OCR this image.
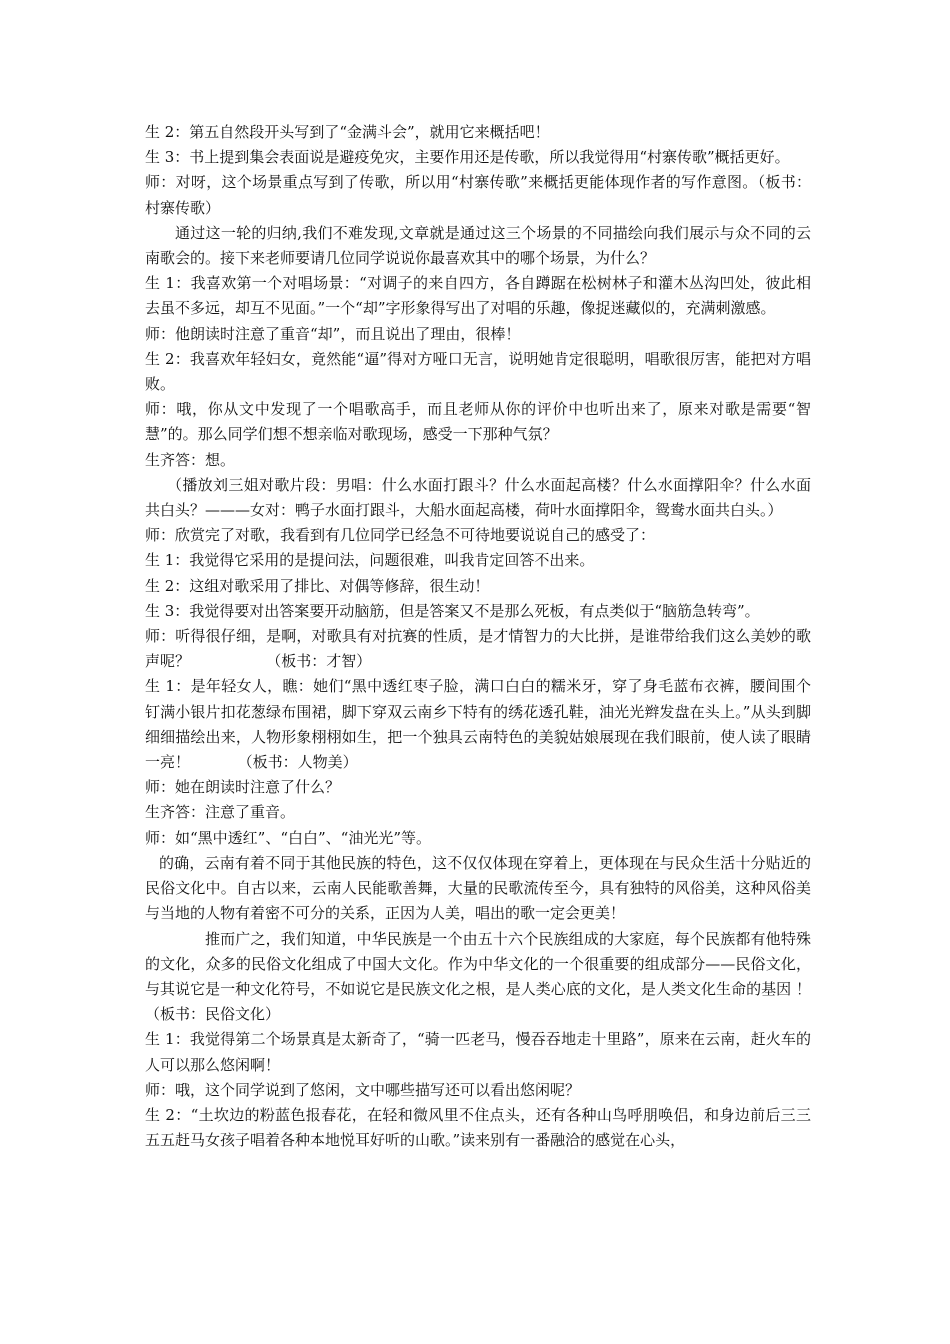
生 2：第五自然段开头写到了“金满斗会”，就用它来概括吧！

生 3：书上提到集会表面说是避疫免灾，主要作用还是传歌，所以我觉得用“村寨传歌”概括更好。

师：对呀，这个场景重点写到了传歌，所以用“村寨传歌”来概括更能体现作者的写作意图。（板书：村寨传歌）

通过这一轮的归纳,我们不难发现,文章就是通过这三个场景的不同描绘向我们展示与众不同的云南歌会的。接下来老师要请几位同学说说你最喜欢其中的哪个场景，为什么？

生 1：我喜欢第一个对唱场景：“对调子的来自四方，各自蹲踞在松树林子和灌木丛沟凹处，彼此相去虽不多远，却互不见面。”一个“却”字形象得写出了对唱的乐趣，像捉迷藏似的，充满刺激感。

师：他朗读时注意了重音“却”，而且说出了理由，很棒！

生 2：我喜欢年轻妇女，竟然能“逼”得对方哑口无言，说明她肯定很聪明，唱歌很厉害，能把对方唱败。

师：哦，你从文中发现了一个唱歌高手，而且老师从你的评价中也听出来了，原来对歌是需要“智慧”的。那么同学们想不想亲临对歌现场，感受一下那种气氛？

生齐答：想。

（播放刘三姐对歌片段：男唱：什么水面打跟斗？什么水面起高楼？什么水面撑阳伞？什么水面共白头？———女对：鸭子水面打跟斗，大船水面起高楼，荷叶水面撑阳伞，鸳鸯水面共白头。）

师：欣赏完了对歌，我看到有几位同学已经急不可待地要说说自己的感受了：

生 1：我觉得它采用的是提问法，问题很难，叫我肯定回答不出来。

生 2：这组对歌采用了排比、对偶等修辞，很生动！

生 3：我觉得要对出答案要开动脑筋，但是答案又不是那么死板，有点类似于“脑筋急转弯”。

师：听得很仔细，是啊，对歌具有对抗赛的性质，是才情智力的大比拼，是谁带给我们这么美妙的歌声呢？                （板书：才智）

生 1：是年轻女人，瞧：她们“黑中透红枣子脸，满口白白的糯米牙，穿了身毛蓝布衣裤，腰间围个钉满小银片扣花葱绿布围裙，脚下穿双云南乡下特有的绣花透孔鞋，油光光辫发盘在头上。”从头到脚细细描绘出来，人物形象栩栩如生，把一个独具云南特色的美貌姑娘展现在我们眼前，使人读了眼睛一亮！          （板书：人物美）

师：她在朗读时注意了什么？

生齐答：注意了重音。

师：如“黑中透红”、“白白”、“油光光”等。

的确，云南有着不同于其他民族的特色，这不仅仅体现在穿着上，更体现在与民众生活十分贴近的民俗文化中。自古以来，云南人民能歌善舞，大量的民歌流传至今，具有独特的风俗美，这种风俗美与当地的人物有着密不可分的关系，正因为人美，唱出的歌一定会更美！

推而广之，我们知道，中华民族是一个由五十六个民族组成的大家庭，每个民族都有他特殊的文化，众多的民俗文化组成了中国大文化。作为中华文化的一个很重要的组成部分——民俗文化，与其说它是一种文化符号，不如说它是民族文化之根，是人类心底的文化，是人类文化生命的基因 ！     （板书：民俗文化）

生 1：我觉得第二个场景真是太新奇了，“骑一匹老马，慢吞吞地走十里路”，原来在云南，赶火车的人可以那么悠闲啊！

师：哦，这个同学说到了悠闲，文中哪些描写还可以看出悠闲呢？

生 2：“土坎边的粉蓝色报春花，在轻和微风里不住点头，还有各种山鸟呼朋唤侣，和身边前后三三五五赶马女孩子唱着各种本地悦耳好听的山歌。”读来别有一番融洽的感觉在心头，
